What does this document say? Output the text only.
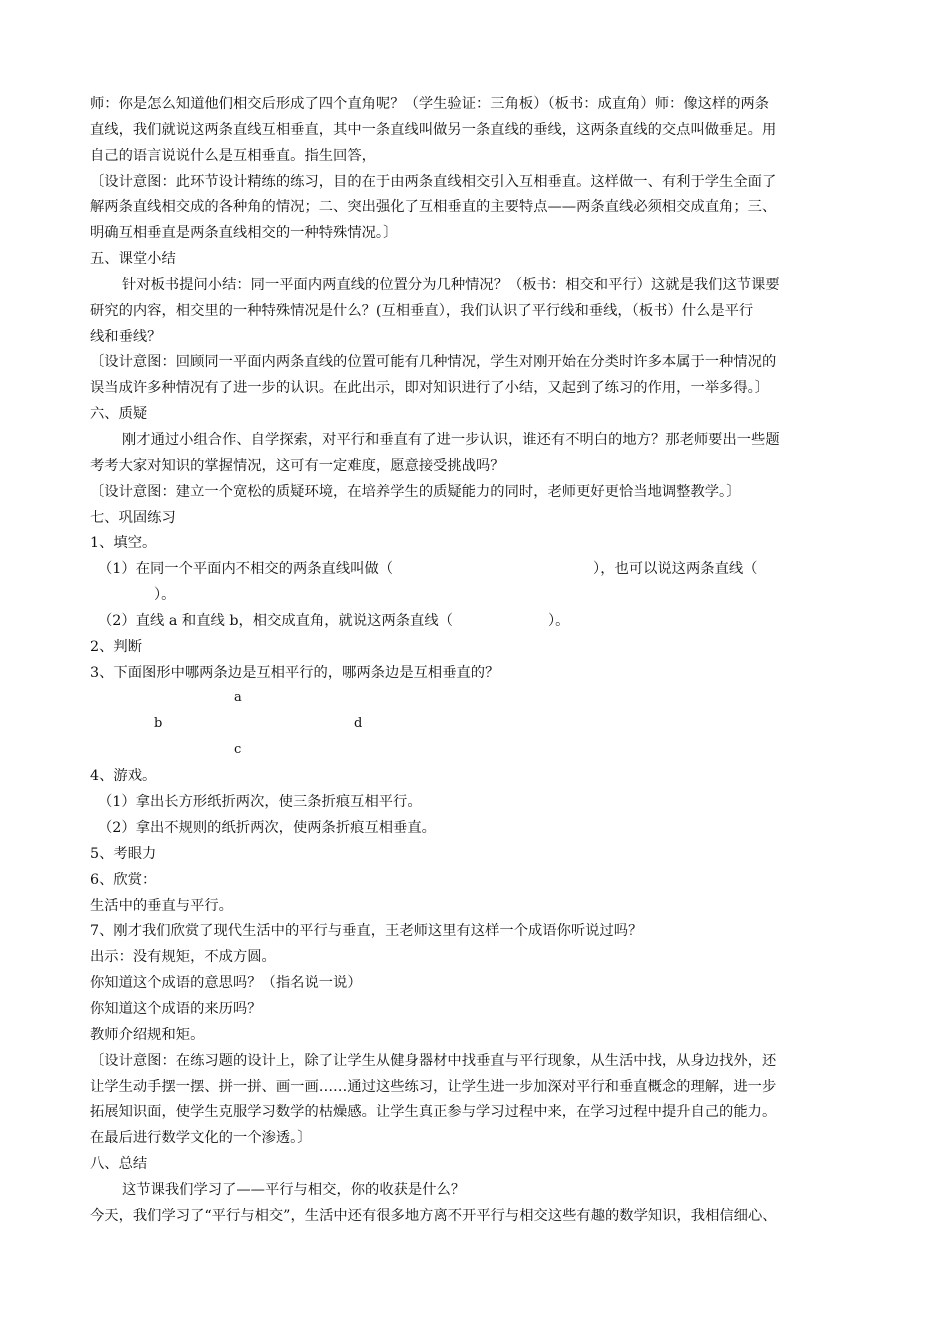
师：你是怎么知道他们相交后形成了四个直角呢？（学生验证：三角板）（板书：成直角）师：像这样的两条
直线，我们就说这两条直线互相垂直，其中一条直线叫做另一条直线的垂线，这两条直线的交点叫做垂足。用
自己的语言说说什么是互相垂直。指生回答，
〔设计意图：此环节设计精练的练习，目的在于由两条直线相交引入互相垂直。这样做一、有利于学生全面了
解两条直线相交成的各种角的情况；二、突出强化了互相垂直的主要特点——两条直线必须相交成直角；三、
明确互相垂直是两条直线相交的一种特殊情况。〕
五、课堂小结
针对板书提问小结：同一平面内两直线的位置分为几种情况？（板书：相交和平行）这就是我们这节课要
研究的内容，相交里的一种特殊情况是什么？(互相垂直），我们认识了平行线和垂线，（板书）什么是平行
线和垂线？
〔设计意图：回顾同一平面内两条直线的位置可能有几种情况，学生对刚开始在分类时许多本属于一种情况的
误当成许多种情况有了进一步的认识。在此出示，即对知识进行了小结，又起到了练习的作用，一举多得。〕
六、质疑
刚才通过小组合作、自学探索，对平行和垂直有了进一步认识，谁还有不明白的地方？那老师要出一些题
考考大家对知识的掌握情况，这可有一定难度，愿意接受挑战吗？
〔设计意图：建立一个宽松的质疑环境，在培养学生的质疑能力的同时，老师更好更恰当地调整教学。〕
七、巩固练习
1、填空。
（1）在同一个平面内不相交的两条直线叫做（	），也可以说这两条直线（
）。
（2）直线 a 和直线 b，相交成直角，就说这两条直线（	）。
2、判断
3、下面图形中哪两条边是互相平行的，哪两条边是互相垂直的？
a
b	d
c
4、游戏。
（1）拿出长方形纸折两次，使三条折痕互相平行。
（2）拿出不规则的纸折两次，使两条折痕互相垂直。
5、考眼力
6、欣赏：
生活中的垂直与平行。
7、刚才我们欣赏了现代生活中的平行与垂直，王老师这里有这样一个成语你听说过吗？
出示：没有规矩，不成方圆。
你知道这个成语的意思吗？（指名说一说）
你知道这个成语的来历吗？
教师介绍规和矩。
〔设计意图：在练习题的设计上，除了让学生从健身器材中找垂直与平行现象，从生活中找，从身边找外，还
让学生动手摆一摆、拼一拼、画一画……通过这些练习，让学生进一步加深对平行和垂直概念的理解，进一步
拓展知识面，使学生克服学习数学的枯燥感。让学生真正参与学习过程中来，在学习过程中提升自己的能力。
在最后进行数学文化的一个渗透。〕
八、总结
这节课我们学习了——平行与相交，你的收获是什么？
今天，我们学习了“平行与相交”，生活中还有很多地方离不开平行与相交这些有趣的数学知识，我相信细心、
